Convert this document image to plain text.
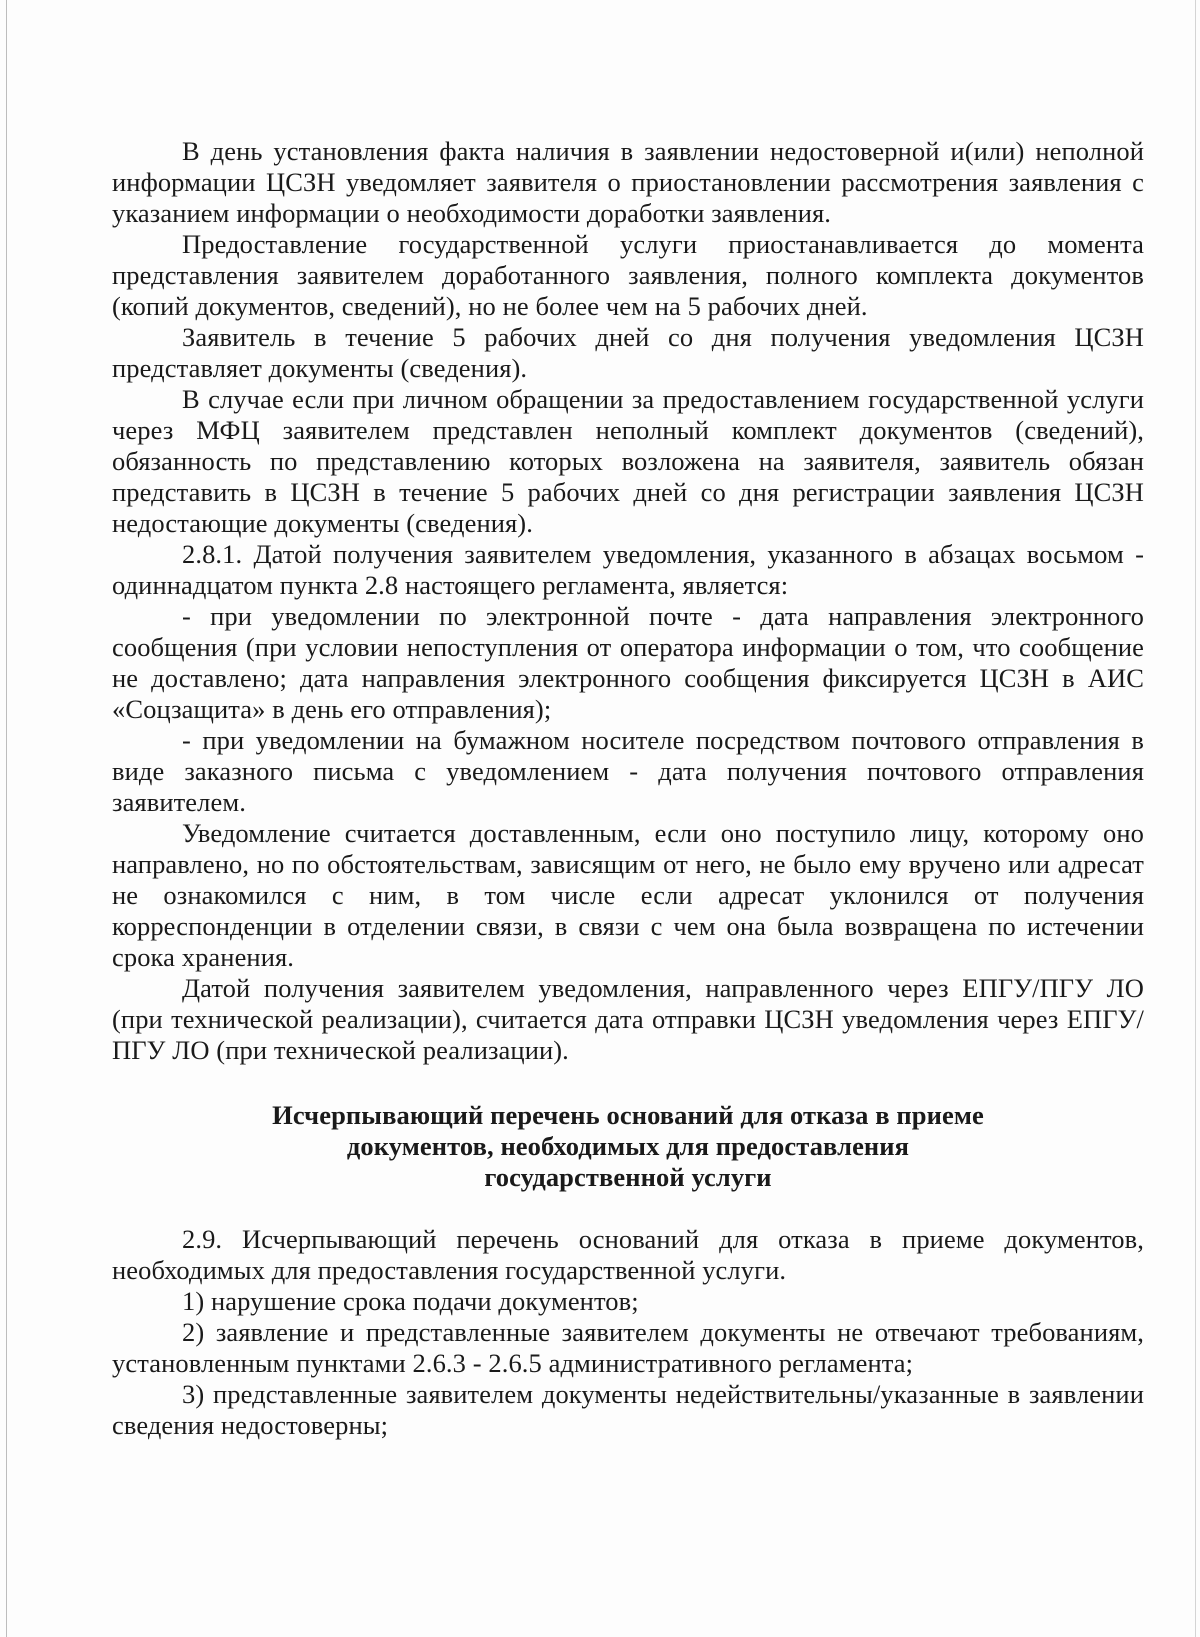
В день установления факта наличия в заявлении недостоверной и(или) неполной информации ЦСЗН уведомляет заявителя о приостановлении рассмотрения заявления с указанием информации о необходимости доработки заявления.

Предоставление государственной услуги приостанавливается до момента представления заявителем доработанного заявления, полного комплекта документов (копий документов, сведений), но не более чем на 5 рабочих дней.

Заявитель в течение 5 рабочих дней со дня получения уведомления ЦСЗН представляет документы (сведения).

В случае если при личном обращении за предоставлением государственной услуги через МФЦ заявителем представлен неполный комплект документов (сведений), обязанность по представлению которых возложена на заявителя, заявитель обязан представить в ЦСЗН в течение 5 рабочих дней со дня регистрации заявления ЦСЗН недостающие документы (сведения).

2.8.1. Датой получения заявителем уведомления, указанного в абзацах восьмом - одиннадцатом пункта 2.8 настоящего регламента, является:

- при уведомлении по электронной почте - дата направления электронного сообщения (при условии непоступления от оператора информации о том, что сообщение не доставлено; дата направления электронного сообщения фиксируется ЦСЗН в АИС «Соцзащита» в день его отправления);

- при уведомлении на бумажном носителе посредством почтового отправления в виде заказного письма с уведомлением - дата получения почтового отправления заявителем.

Уведомление считается доставленным, если оно поступило лицу, которому оно направлено, но по обстоятельствам, зависящим от него, не было ему вручено или адресат не ознакомился с ним, в том числе если адресат уклонился от получения корреспонденции в отделении связи, в связи с чем она была возвращена по истечении срока хранения.

Датой получения заявителем уведомления, направленного через ЕПГУ/ПГУ ЛО (при технической реализации), считается дата отправки ЦСЗН уведомления через ЕПГУ/ПГУ ЛО (при технической реализации).

Исчерпывающий перечень оснований для отказа в приеме
документов, необходимых для предоставления
государственной услуги

2.9. Исчерпывающий перечень оснований для отказа в приеме документов, необходимых для предоставления государственной услуги.

1) нарушение срока подачи документов;

2) заявление и представленные заявителем документы не отвечают требованиям, установленным пунктами 2.6.3 - 2.6.5 административного регламента;

3) представленные заявителем документы недействительны/указанные в заявлении сведения недостоверны;
